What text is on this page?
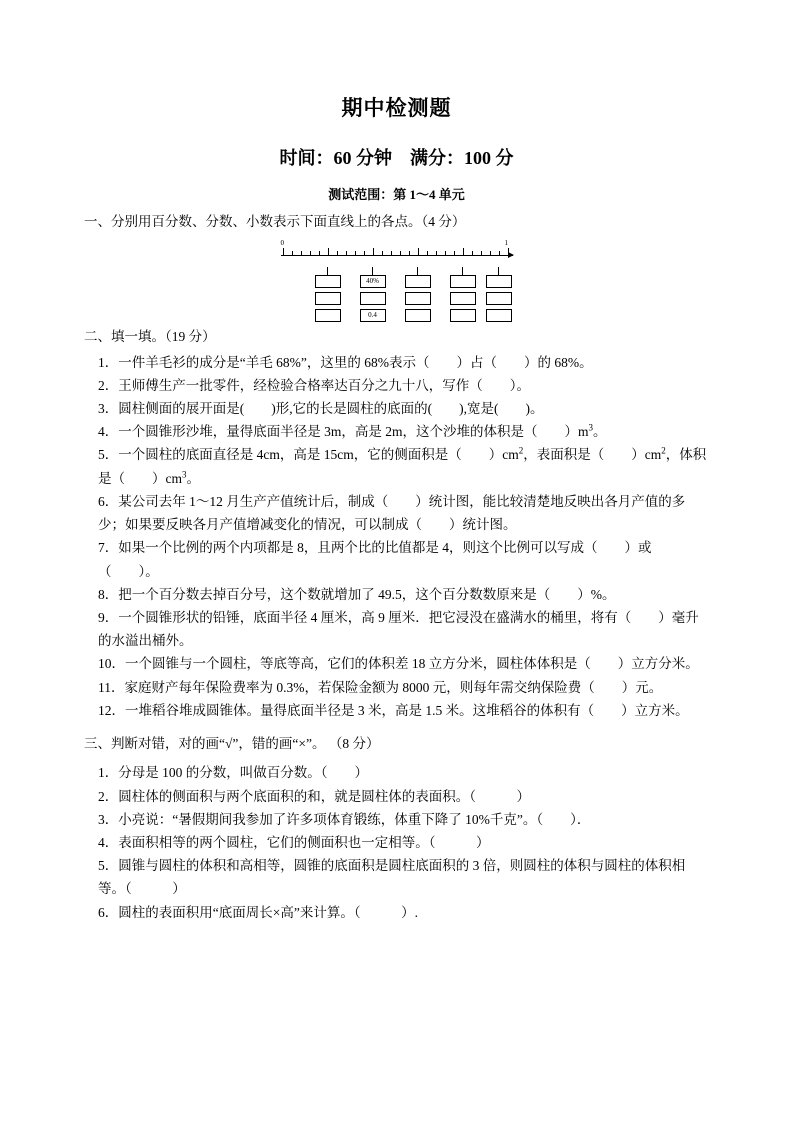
期中检测题
时间：60 分钟　满分：100 分
测试范围：第 1～4 单元
一、分别用百分数、分数、小数表示下面直线上的各点。（4 分）
0	1
40%
0.4
二、填一填。（19 分）

1．一件羊毛衫的成分是“羊毛 68%”，这里的 68%表示（　　）占（　　）的 68%。

2．王师傅生产一批零件，经检验合格率达百分之九十八，写作（　　）。

3．圆柱侧面的展开面是(　　)形,它的长是圆柱的底面的(　　),宽是(　　)。

4．一个圆锥形沙堆，量得底面半径是 3m，高是 2m，这个沙堆的体积是（　　）$m^3$。

5．一个圆柱的底面直径是 4cm，高是 15cm，它的侧面积是（　　）$cm^2$，表面积是（　　）$cm^2$，体积是（　　）$cm^3$。

6．某公司去年 1～12 月生产产值统计后，制成（　　）统计图，能比较清楚地反映出各月产值的多少；如果要反映各月产值增减变化的情况，可以制成（　　）统计图。

7．如果一个比例的两个内项都是 8，且两个比的比值都是 4，则这个比例可以写成（　　）或（　　）。

8．把一个百分数去掉百分号，这个数就增加了 49.5，这个百分数数原来是（　　）%。

9．一个圆锥形状的铅锤，底面半径 4 厘米，高 9 厘米．把它浸没在盛满水的桶里，将有（　　）毫升的水溢出桶外。

10．一个圆锥与一个圆柱，等底等高，它们的体积差 18 立方分米，圆柱体体积是（　　）立方分米。

11．家庭财产每年保险费率为 0.3%，若保险金额为 8000 元，则每年需交纳保险费（　　）元。

12．一堆稻谷堆成圆锥体。量得底面半径是 3 米，高是 1.5 米。这堆稻谷的体积有（　　）立方米。

三、判断对错，对的画“√”，错的画“×”。 （8 分）

1．分母是 100 的分数，叫做百分数。（　　）

2．圆柱体的侧面积与两个底面积的和，就是圆柱体的表面积。（　　　）

3．小亮说：“暑假期间我参加了许多项体育锻练，体重下降了 10%千克”。（　　）．

4．表面积相等的两个圆柱，它们的侧面积也一定相等。（　　　）

5．圆锥与圆柱的体积和高相等，圆锥的底面积是圆柱底面积的 3 倍，则圆柱的体积与圆柱的体积相等。（　　　）

6．圆柱的表面积用“底面周长×高”来计算。（　　　）.
